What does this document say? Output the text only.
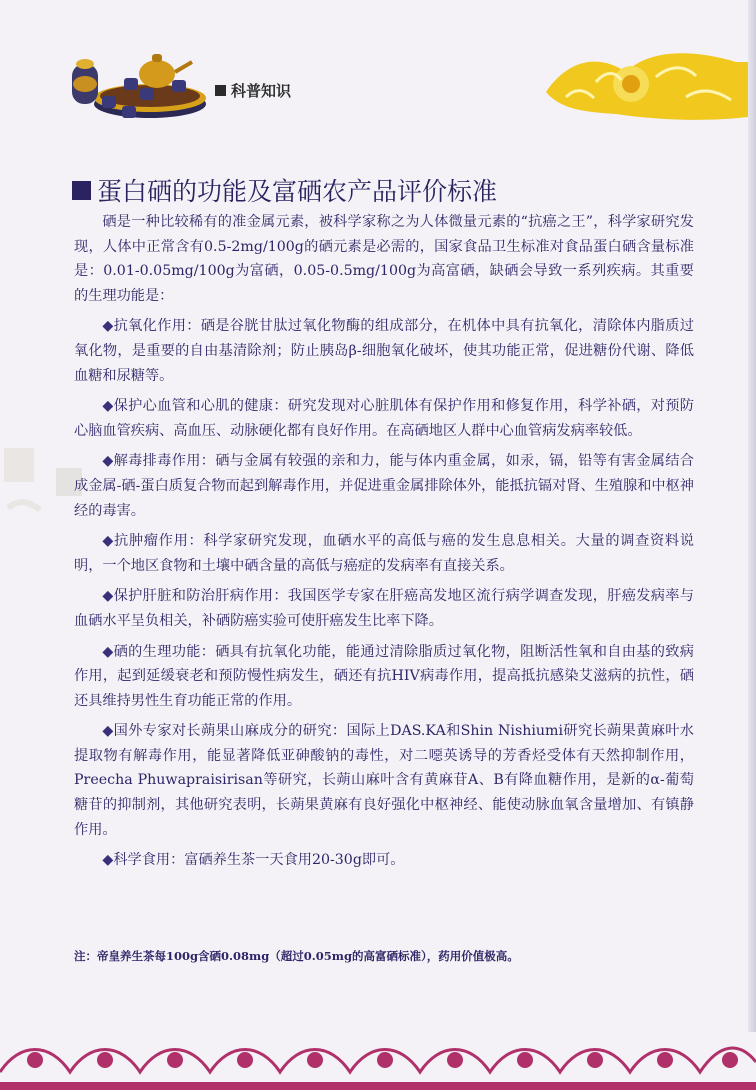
科普知识
蛋白硒的功能及富硒农产品评价标准

硒是一种比较稀有的准金属元素，被科学家称之为人体微量元素的“抗癌之王”，科学家研究发现，人体中正常含有0.5-2mg/100g的硒元素是必需的，国家食品卫生标准对食品蛋白硒含量标准是：0.01-0.05mg/100g为富硒，0.05-0.5mg/100g为高富硒，缺硒会导致一系列疾病。其重要的生理功能是：

◆抗氧化作用：硒是谷胱甘肽过氧化物酶的组成部分，在机体中具有抗氧化，清除体内脂质过氧化物，是重要的自由基清除剂；防止胰岛β-细胞氧化破坏，使其功能正常，促进糖份代谢、降低血糖和尿糖等。

◆保护心血管和心肌的健康：研究发现对心脏肌体有保护作用和修复作用，科学补硒，对预防心脑血管疾病、高血压、动脉硬化都有良好作用。在高硒地区人群中心血管病发病率较低。

◆解毒排毒作用：硒与金属有较强的亲和力，能与体内重金属，如汞，镉，铅等有害金属结合成金属-硒-蛋白质复合物而起到解毒作用，并促进重金属排除体外，能抵抗镉对肾、生殖腺和中枢神经的毒害。

◆抗肿瘤作用：科学家研究发现，血硒水平的高低与癌的发生息息相关。大量的调查资料说明，一个地区食物和土壤中硒含量的高低与癌症的发病率有直接关系。

◆保护肝脏和防治肝病作用：我国医学专家在肝癌高发地区流行病学调查发现，肝癌发病率与血硒水平呈负相关，补硒防癌实验可使肝癌发生比率下降。

◆硒的生理功能：硒具有抗氧化功能，能通过清除脂质过氧化物，阻断活性氧和自由基的致病作用，起到延缓衰老和预防慢性病发生，硒还有抗HIV病毒作用，提高抵抗感染艾滋病的抗性，硒还具维持男性生育功能正常的作用。

◆国外专家对长蒴果山麻成分的研究：国际上DAS.KA和Shin Nishiumi研究长蒴果黄麻叶水提取物有解毒作用，能显著降低亚砷酸钠的毒性，对二噁英诱导的芳香烃受体有天然抑制作用，Preecha Phuwapraisirisan等研究，长蒴山麻叶含有黄麻苷A、B有降血糖作用，是新的α-葡萄糖苷的抑制剂，其他研究表明，长蒴果黄麻有良好强化中枢神经、能使动脉血氧含量增加、有镇静作用。

◆科学食用：富硒养生茶一天食用20-30g即可。

注：帝皇养生茶每100g含硒0.08mg（超过0.05mg的高富硒标准），药用价值极高。
